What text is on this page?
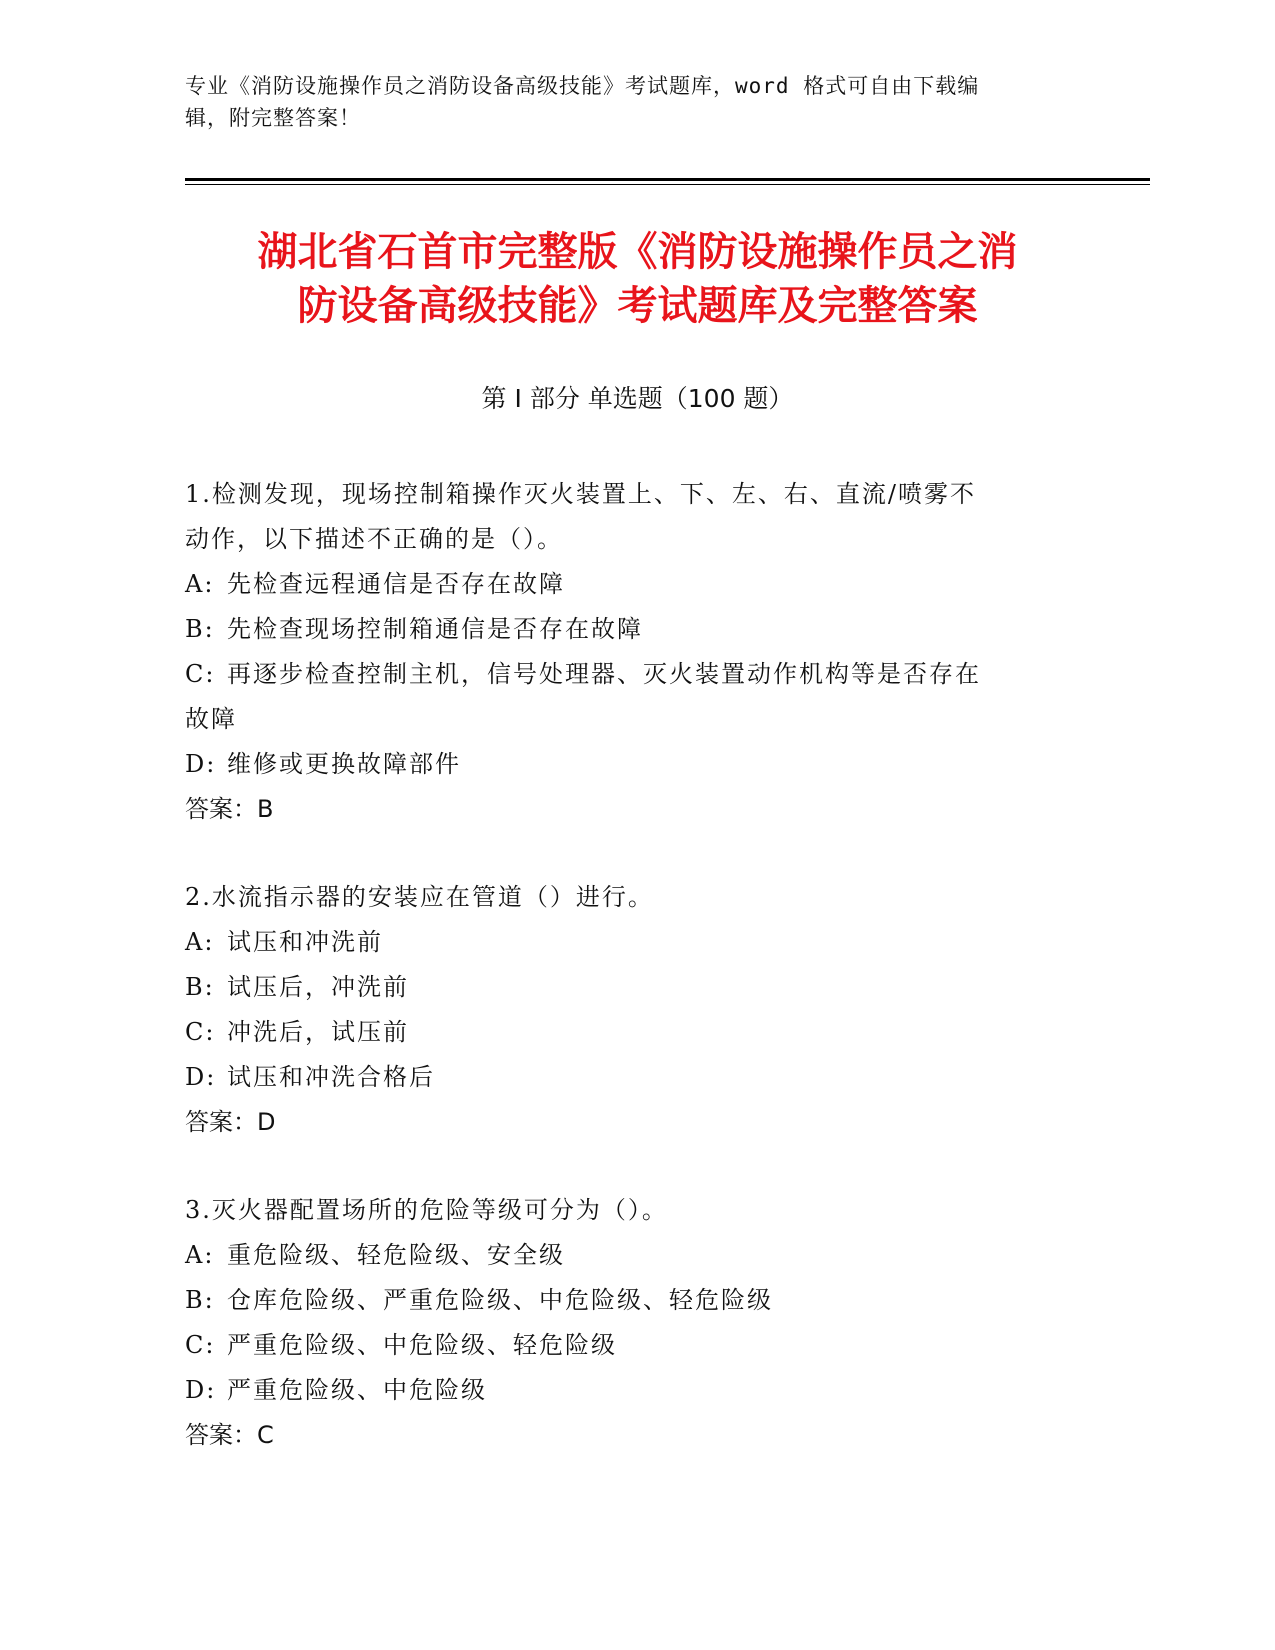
专业《消防设施操作员之消防设备高级技能》考试题库，word 格式可自由下载编
辑，附完整答案！
湖北省石首市完整版《消防设施操作员之消
防设备高级技能》考试题库及完整答案
第 I 部分 单选题（100 题）
1.检测发现，现场控制箱操作灭火装置上、下、左、右、直流/喷雾不
动作，以下描述不正确的是（）。
A: 先检查远程通信是否存在故障
B: 先检查现场控制箱通信是否存在故障
C: 再逐步检查控制主机，信号处理器、灭火装置动作机构等是否存在
故障
D: 维修或更换故障部件
答案：B
2.水流指示器的安装应在管道（）进行。
A: 试压和冲洗前
B: 试压后，冲洗前
C: 冲洗后，试压前
D: 试压和冲洗合格后
答案：D
3.灭火器配置场所的危险等级可分为（）。
A: 重危险级、轻危险级、安全级
B: 仓库危险级、严重危险级、中危险级、轻危险级
C: 严重危险级、中危险级、轻危险级
D: 严重危险级、中危险级
答案：C
